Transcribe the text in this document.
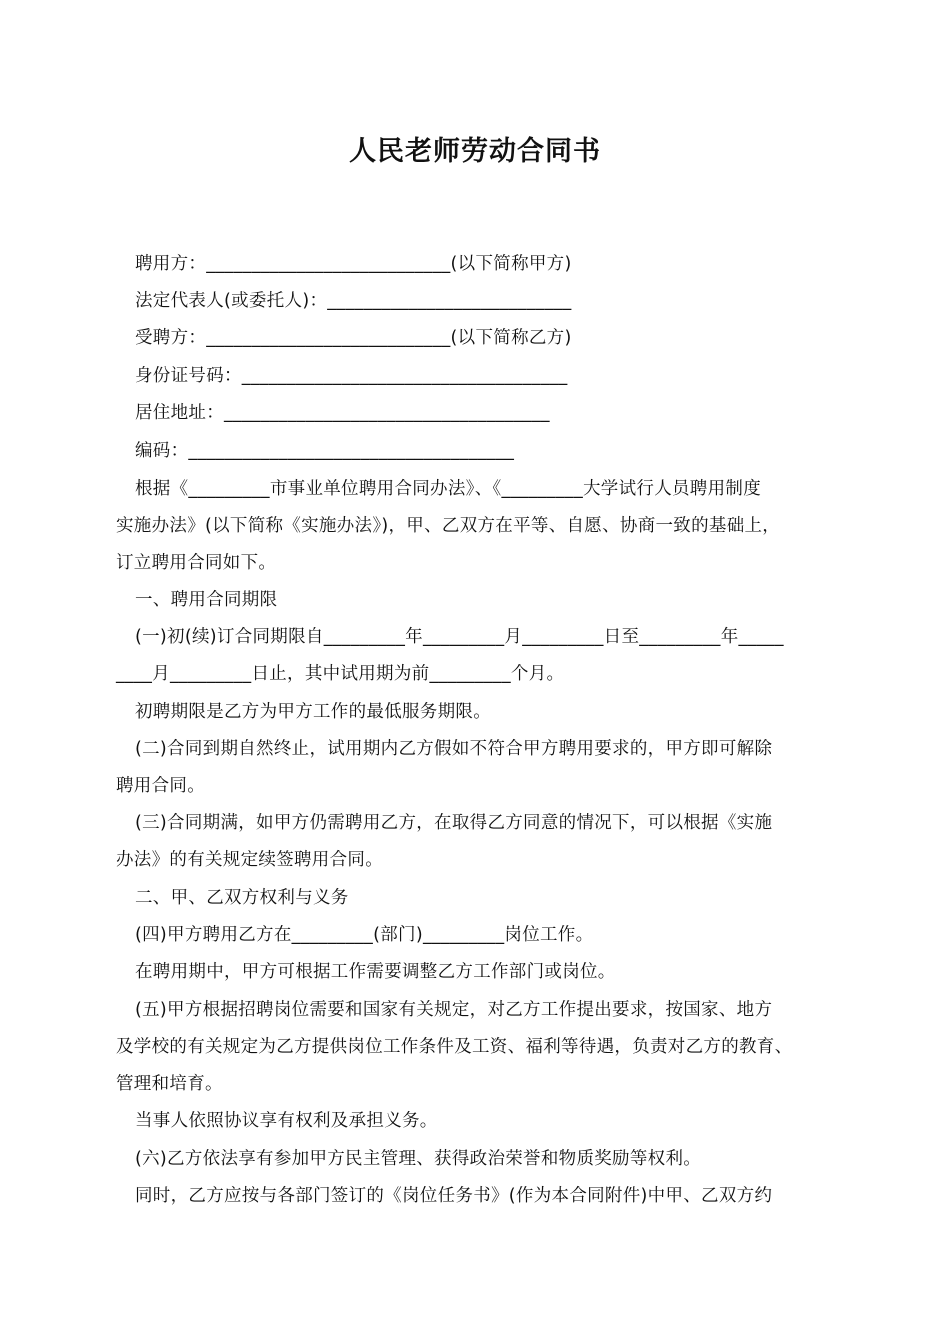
人民老师劳动合同书
聘用方：___________________________(以下简称甲方)
法定代表人(或委托人)：___________________________
受聘方：___________________________(以下简称乙方)
身份证号码：____________________________________
居住地址：____________________________________
编码：____________________________________
根据《_________市事业单位聘用合同办法》、《_________大学试行人员聘用制度
实施办法》(以下简称《实施办法》)，甲、乙双方在平等、自愿、协商一致的基础上，
订立聘用合同如下。
一、聘用合同期限
(一)初(续)订合同期限自_________年_________月_________日至_________年_____
____月_________日止，其中试用期为前_________个月。
初聘期限是乙方为甲方工作的最低服务期限。
(二)合同到期自然终止，试用期内乙方假如不符合甲方聘用要求的，甲方即可解除
聘用合同。
(三)合同期满，如甲方仍需聘用乙方，在取得乙方同意的情况下，可以根据《实施
办法》的有关规定续签聘用合同。
二、甲、乙双方权利与义务
(四)甲方聘用乙方在_________(部门)_________岗位工作。
在聘用期中，甲方可根据工作需要调整乙方工作部门或岗位。
(五)甲方根据招聘岗位需要和国家有关规定，对乙方工作提出要求，按国家、地方
及学校的有关规定为乙方提供岗位工作条件及工资、福利等待遇，负责对乙方的教育、
管理和培育。
当事人依照协议享有权利及承担义务。
(六)乙方依法享有参加甲方民主管理、获得政治荣誉和物质奖励等权利。
同时，乙方应按与各部门签订的《岗位任务书》(作为本合同附件)中甲、乙双方约
